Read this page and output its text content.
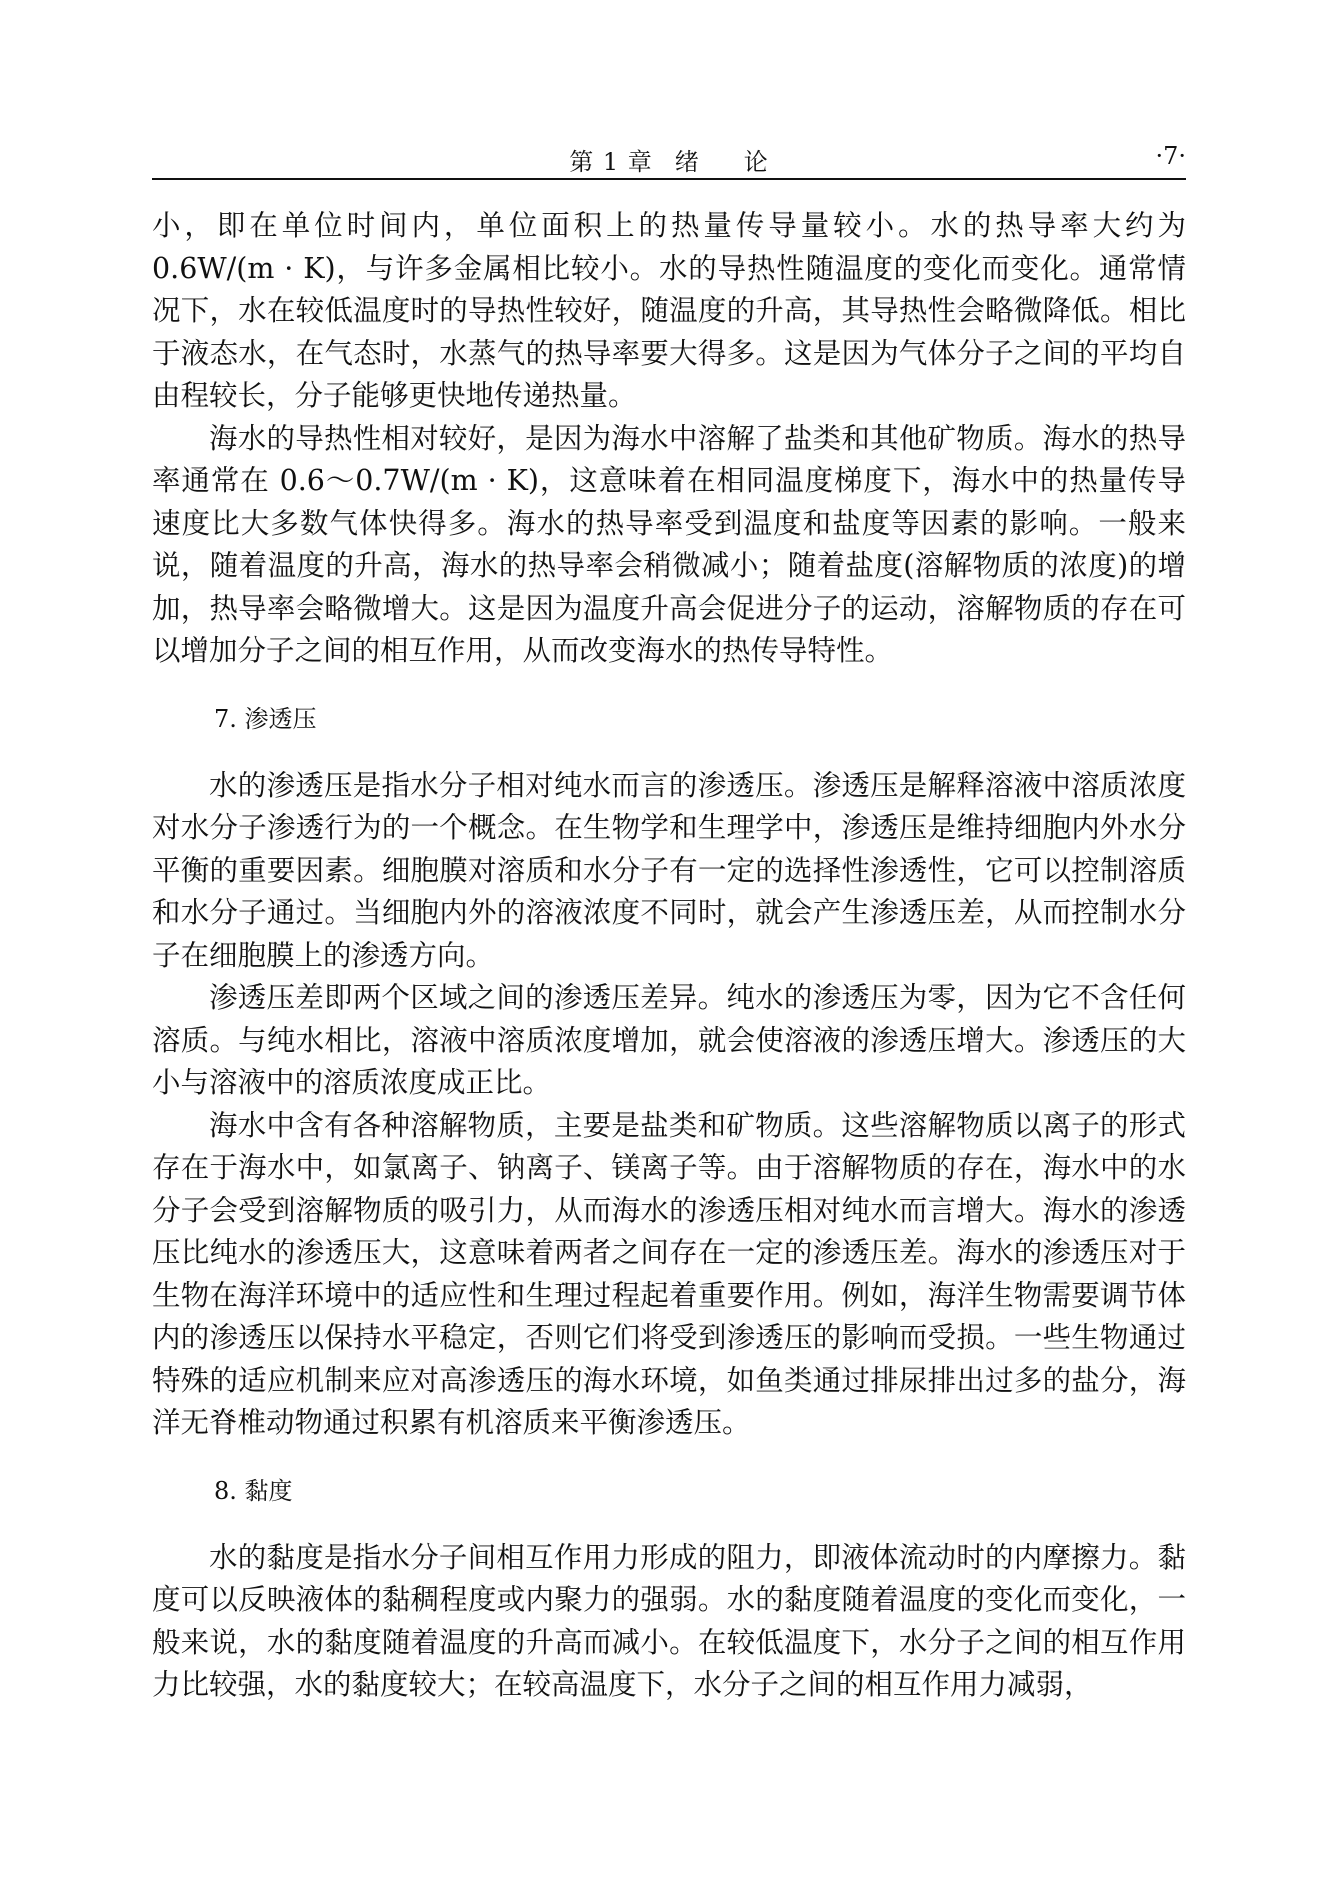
第 1 章 绪 论	·7·

小，即在单位时间内，单位面积上的热量传导量较小。水的热导率大约为0.6W/(m · K)，与许多金属相比较小。水的导热性随温度的变化而变化。通常情况下，水在较低温度时的导热性较好，随温度的升高，其导热性会略微降低。相比于液态水，在气态时，水蒸气的热导率要大得多。这是因为气体分子之间的平均自由程较长，分子能够更快地传递热量。

海水的导热性相对较好，是因为海水中溶解了盐类和其他矿物质。海水的热导率通常在 0.6～0.7W/(m · K)，这意味着在相同温度梯度下，海水中的热量传导速度比大多数气体快得多。海水的热导率受到温度和盐度等因素的影响。一般来说，随着温度的升高，海水的热导率会稍微减小；随着盐度(溶解物质的浓度)的增加，热导率会略微增大。这是因为温度升高会促进分子的运动，溶解物质的存在可以增加分子之间的相互作用，从而改变海水的热传导特性。

7. 渗透压

水的渗透压是指水分子相对纯水而言的渗透压。渗透压是解释溶液中溶质浓度对水分子渗透行为的一个概念。在生物学和生理学中，渗透压是维持细胞内外水分平衡的重要因素。细胞膜对溶质和水分子有一定的选择性渗透性，它可以控制溶质和水分子通过。当细胞内外的溶液浓度不同时，就会产生渗透压差，从而控制水分子在细胞膜上的渗透方向。

渗透压差即两个区域之间的渗透压差异。纯水的渗透压为零，因为它不含任何溶质。与纯水相比，溶液中溶质浓度增加，就会使溶液的渗透压增大。渗透压的大小与溶液中的溶质浓度成正比。

海水中含有各种溶解物质，主要是盐类和矿物质。这些溶解物质以离子的形式存在于海水中，如氯离子、钠离子、镁离子等。由于溶解物质的存在，海水中的水分子会受到溶解物质的吸引力，从而海水的渗透压相对纯水而言增大。海水的渗透压比纯水的渗透压大，这意味着两者之间存在一定的渗透压差。海水的渗透压对于生物在海洋环境中的适应性和生理过程起着重要作用。例如，海洋生物需要调节体内的渗透压以保持水平稳定，否则它们将受到渗透压的影响而受损。一些生物通过特殊的适应机制来应对高渗透压的海水环境，如鱼类通过排尿排出过多的盐分，海洋无脊椎动物通过积累有机溶质来平衡渗透压。

8. 黏度

水的黏度是指水分子间相互作用力形成的阻力，即液体流动时的内摩擦力。黏度可以反映液体的黏稠程度或内聚力的强弱。水的黏度随着温度的变化而变化，一般来说，水的黏度随着温度的升高而减小。在较低温度下，水分子之间的相互作用力比较强，水的黏度较大；在较高温度下，水分子之间的相互作用力减弱，
